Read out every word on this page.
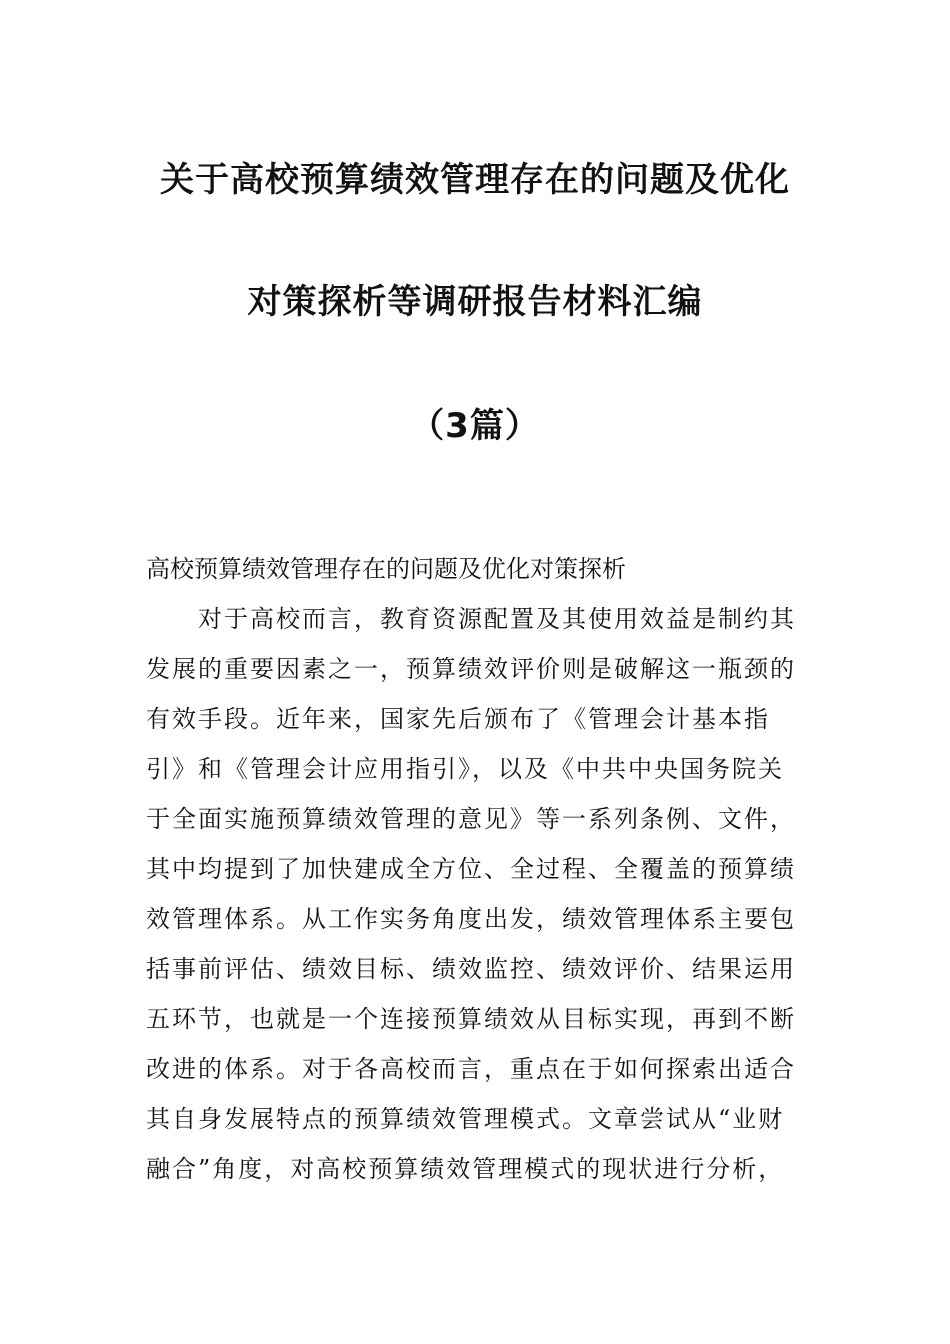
关于高校预算绩效管理存在的问题及优化
对策探析等调研报告材料汇编
（3篇）
高校预算绩效管理存在的问题及优化对策探析
对于高校而言，教育资源配置及其使用效益是制约其
发展的重要因素之一，预算绩效评价则是破解这一瓶颈的
有效手段。近年来，国家先后颁布了《管理会计基本指
引》和《管理会计应用指引》，以及《中共中央国务院关
于全面实施预算绩效管理的意见》等一系列条例、文件，
其中均提到了加快建成全方位、全过程、全覆盖的预算绩
效管理体系。从工作实务角度出发，绩效管理体系主要包
括事前评估、绩效目标、绩效监控、绩效评价、结果运用
五环节，也就是一个连接预算绩效从目标实现，再到不断
改进的体系。对于各高校而言，重点在于如何探索出适合
其自身发展特点的预算绩效管理模式。文章尝试从“业财
融合”角度，对高校预算绩效管理模式的现状进行分析，
